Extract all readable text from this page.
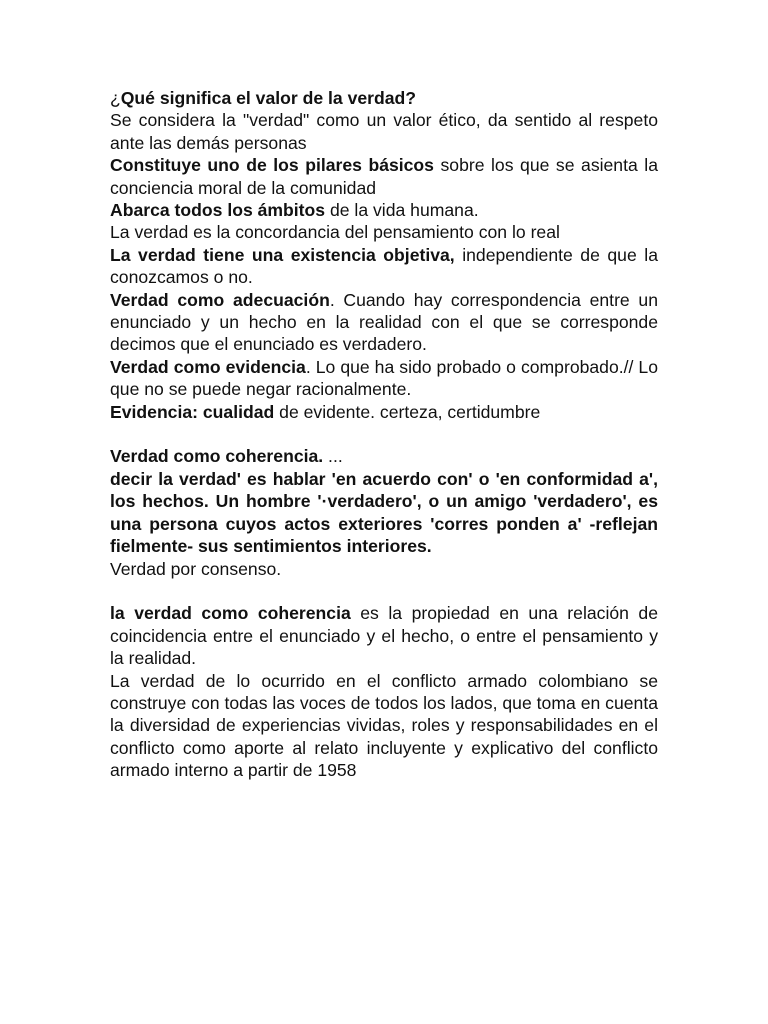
¿Qué significa el valor de la verdad?

Se considera la "verdad" como un valor ético, da sentido al respeto ante las demás personas

Constituye uno de los pilares básicos sobre los que se asienta la conciencia moral de la comunidad

Abarca todos los ámbitos de la vida humana.

La verdad es la concordancia del pensamiento con lo real

La verdad tiene una existencia objetiva, independiente de que la conozcamos o no.

Verdad como adecuación. Cuando hay correspondencia entre un enunciado y un hecho en la realidad con el que se corresponde decimos que el enunciado es verdadero.

Verdad como evidencia. Lo que ha sido probado o comprobado.// Lo que no se puede negar racionalmente.

Evidencia: cualidad de evidente. certeza, certidumbre

Verdad como coherencia. ...

decir la verdad' es hablar 'en acuerdo con' o 'en conformidad a', los hechos. Un hombre '·verdadero', o un amigo 'verdadero', es una persona cuyos actos exteriores 'corres ponden a' -reflejan fielmente- sus sentimientos interiores.

Verdad por consenso.

la verdad como coherencia es la propiedad en una relación de coincidencia entre el enunciado y el hecho, o entre el pensamiento y la realidad.

La verdad de lo ocurrido en el conflicto armado colombiano se construye con todas las voces de todos los lados, que toma en cuenta la diversidad de experiencias vividas, roles y responsabilidades en el conflicto como aporte al relato incluyente y explicativo del conflicto armado interno a partir de 1958
